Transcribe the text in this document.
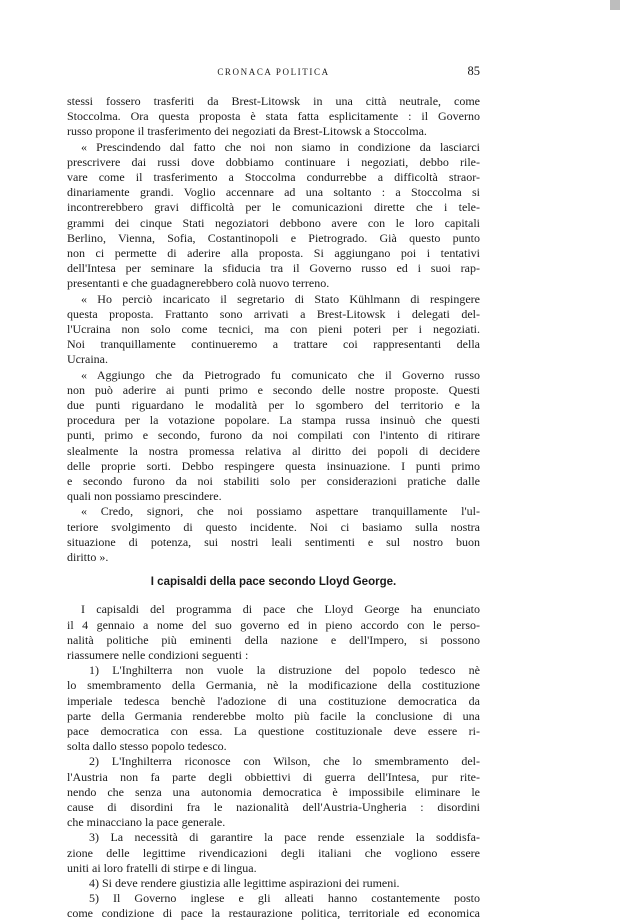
CRONACA POLITICA	85
stessi fossero trasferiti da Brest-Litowsk in una città neutrale, come
Stoccolma. Ora questa proposta è stata fatta esplicitamente : il Governo
russo propone il trasferimento dei negoziati da Brest-Litowsk a Stoccolma.
« Prescindendo dal fatto che noi non siamo in condizione da lasciarci
prescrivere dai russi dove dobbiamo continuare i negoziati, debbo rile-
vare come il trasferimento a Stoccolma condurrebbe a difficoltà straor-
dinariamente grandi. Voglio accennare ad una soltanto : a Stoccolma si
incontrerebbero gravi difficoltà per le comunicazioni dirette che i tele-
grammi dei cinque Stati negoziatori debbono avere con le loro capitali
Berlino, Vienna, Sofia, Costantinopoli e Pietrogrado. Già questo punto
non ci permette di aderire alla proposta. Si aggiungano poi i tentativi
dell'Intesa per seminare la sfiducia tra il Governo russo ed i suoi rap-
presentanti e che guadagnerebbero colà nuovo terreno.
« Ho perciò incaricato il segretario di Stato Kühlmann di respingere
questa proposta. Frattanto sono arrivati a Brest-Litowsk i delegati del-
l'Ucraina non solo come tecnici, ma con pieni poteri per i negoziati.
Noi tranquillamente continueremo a trattare coi rappresentanti della
Ucraina.
« Aggiungo che da Pietrogrado fu comunicato che il Governo russo
non può aderire ai punti primo e secondo delle nostre proposte. Questi
due punti riguardano le modalità per lo sgombero del territorio e la
procedura per la votazione popolare. La stampa russa insinuò che questi
punti, primo e secondo, furono da noi compilati con l'intento di ritirare
slealmente la nostra promessa relativa al diritto dei popoli di decidere
delle proprie sorti. Debbo respingere questa insinuazione. I punti primo
e secondo furono da noi stabiliti solo per considerazioni pratiche dalle
quali non possiamo prescindere.
« Credo, signori, che noi possiamo aspettare tranquillamente l'ul-
teriore svolgimento di questo incidente. Noi ci basiamo sulla nostra
situazione di potenza, sui nostri leali sentimenti e sul nostro buon
diritto ».
I capisaldi della pace secondo Lloyd George.
I capisaldi del programma di pace che Lloyd George ha enunciato
il 4 gennaio a nome del suo governo ed in pieno accordo con le perso-
nalità politiche più eminenti della nazione e dell'Impero, si possono
riassumere nelle condizioni seguenti :
1) L'Inghilterra non vuole la distruzione del popolo tedesco nè
lo smembramento della Germania, nè la modificazione della costituzione
imperiale tedesca benchè l'adozione di una costituzione democratica da
parte della Germania renderebbe molto più facile la conclusione di una
pace democratica con essa. La questione costituzionale deve essere ri-
solta dallo stesso popolo tedesco.
2) L'Inghilterra riconosce con Wilson, che lo smembramento del-
l'Austria non fa parte degli obbiettivi di guerra dell'Intesa, pur rite-
nendo che senza una autonomia democratica è impossibile eliminare le
cause di disordini fra le nazionalità dell'Austria-Ungheria : disordini
che minacciano la pace generale.
3) La necessità di garantire la pace rende essenziale la soddisfa-
zione delle legittime rivendicazioni degli italiani che vogliono essere
uniti ai loro fratelli di stirpe e di lingua.
4) Si deve rendere giustizia alle legittime aspirazioni dei rumeni.
5) Il Governo inglese e gli alleati hanno costantemente posto
come condizione di pace la restaurazione politica, territoriale ed economica
